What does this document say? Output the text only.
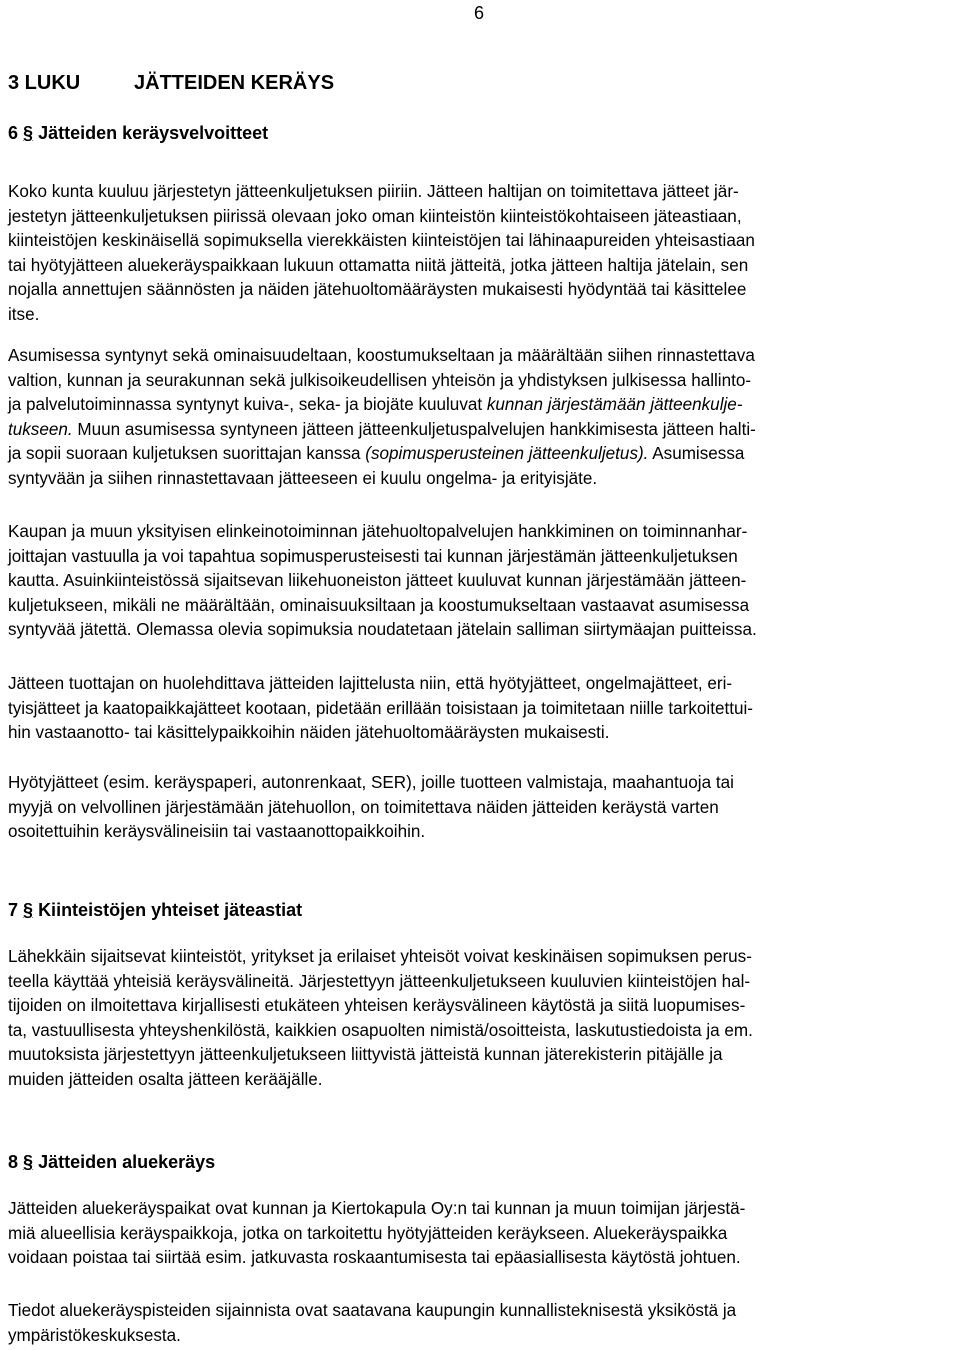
6
3 LUKU	JÄTTEIDEN KERÄYS
6 § Jätteiden keräysvelvoitteet

Koko kunta kuuluu järjestetyn jätteenkuljetuksen piiriin. Jätteen haltijan on toimitettava jätteet jär-
jestetyn jätteenkuljetuksen piirissä olevaan joko oman kiinteistön kiinteistökohtaiseen jäteastiaan,
kiinteistöjen keskinäisellä sopimuksella vierekkäisten kiinteistöjen tai lähinaapureiden yhteisastiaan
tai hyötyjätteen aluekeräyspaikkaan lukuun ottamatta niitä jätteitä, jotka jätteen haltija jätelain, sen
nojalla annettujen säännösten ja näiden jätehuoltomääräysten mukaisesti hyödyntää tai käsittelee
itse.

Asumisessa syntynyt sekä ominaisuudeltaan, koostumukseltaan ja määrältään siihen rinnastettava
valtion, kunnan ja seurakunnan sekä julkisoikeudellisen yhteisön ja yhdistyksen julkisessa hallinto-
ja palvelutoiminnassa syntynyt kuiva-, seka- ja biojäte kuuluvat kunnan järjestämään jätteenkulje-
tukseen. Muun asumisessa syntyneen jätteen jätteenkuljetuspalvelujen hankkimisesta jätteen halti-
ja sopii suoraan kuljetuksen suorittajan kanssa (sopimusperusteinen jätteenkuljetus). Asumisessa
syntyvään ja siihen rinnastettavaan jätteeseen ei kuulu ongelma- ja erityisjäte.

Kaupan ja muun yksityisen elinkeinotoiminnan jätehuoltopalvelujen hankkiminen on toiminnanhar-
joittajan vastuulla ja voi tapahtua sopimusperusteisesti tai kunnan järjestämän jätteenkuljetuksen
kautta. Asuinkiinteistössä sijaitsevan liikehuoneiston jätteet kuuluvat kunnan järjestämään jätteen-
kuljetukseen, mikäli ne määrältään, ominaisuuksiltaan ja koostumukseltaan vastaavat asumisessa
syntyvää jätettä. Olemassa olevia sopimuksia noudatetaan jätelain salliman siirtymäajan puitteissa.

Jätteen tuottajan on huolehdittava jätteiden lajittelusta niin, että hyötyjätteet, ongelmajätteet, eri-
tyisjätteet ja kaatopaikkajätteet kootaan, pidetään erillään toisistaan ja toimitetaan niille tarkoitettui-
hin vastaanotto- tai käsittelypaikkoihin näiden jätehuoltomääräysten mukaisesti.

Hyötyjätteet (esim. keräyspaperi, autonrenkaat, SER), joille tuotteen valmistaja, maahantuoja tai
myyjä on velvollinen järjestämään jätehuollon, on toimitettava näiden jätteiden keräystä varten
osoitettuihin keräysvälineisiin tai vastaanottopaikkoihin.

7 § Kiinteistöjen yhteiset jäteastiat

Lähekkäin sijaitsevat kiinteistöt, yritykset ja erilaiset yhteisöt voivat keskinäisen sopimuksen perus-
teella käyttää yhteisiä keräysvälineitä. Järjestettyyn jätteenkuljetukseen kuuluvien kiinteistöjen hal-
tijoiden on ilmoitettava kirjallisesti etukäteen yhteisen keräysvälineen käytöstä ja siitä luopumises-
ta, vastuullisesta yhteyshenkilöstä, kaikkien osapuolten nimistä/osoitteista, laskutustiedoista ja em.
muutoksista järjestettyyn jätteenkuljetukseen liittyvistä jätteistä kunnan jäterekisterin pitäjälle ja
muiden jätteiden osalta jätteen kerääjälle.

8 § Jätteiden aluekeräys

Jätteiden aluekeräyspaikat ovat kunnan ja Kiertokapula Oy:n tai kunnan ja muun toimijan järjestä-
miä alueellisia keräyspaikkoja, jotka on tarkoitettu hyötyjätteiden keräykseen. Aluekeräyspaikka
voidaan poistaa tai siirtää esim. jatkuvasta roskaantumisesta tai epäasiallisesta käytöstä johtuen.

Tiedot aluekeräyspisteiden sijainnista ovat saatavana kaupungin kunnallisteknisestä yksiköstä ja
ympäristökeskuksesta.
